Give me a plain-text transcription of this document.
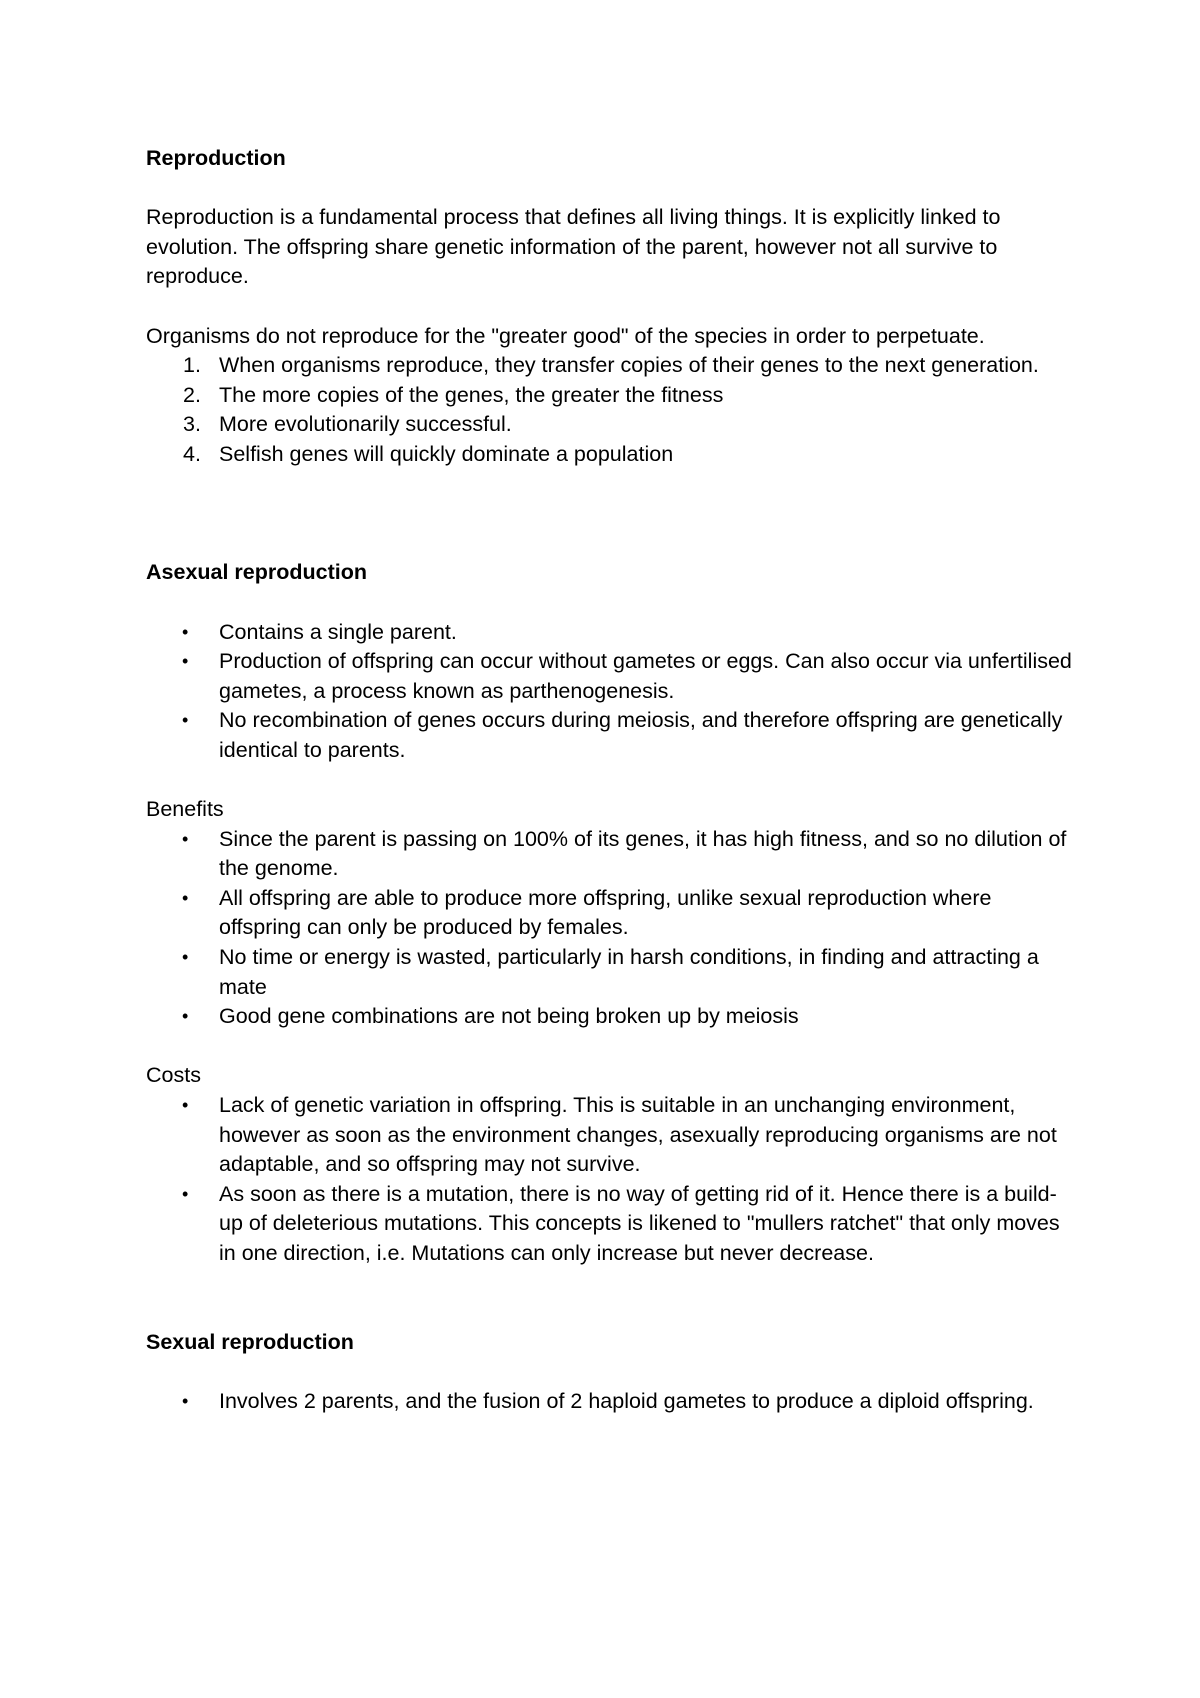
Reproduction

Reproduction is a fundamental process that defines all living things. It is explicitly linked to evolution. The offspring share genetic information of the parent, however not all survive to reproduce.

Organisms do not reproduce for the "greater good" of the species in order to perpetuate.

1. When organisms reproduce, they transfer copies of their genes to the next generation.
2. The more copies of the genes, the greater the fitness
3. More evolutionarily successful.
4. Selfish genes will quickly dominate a population

Asexual reproduction

• Contains a single parent.
• Production of offspring can occur without gametes or eggs. Can also occur via unfertilised gametes, a process known as parthenogenesis.
• No recombination of genes occurs during meiosis, and therefore offspring are genetically identical to parents.

Benefits

• Since the parent is passing on 100% of its genes, it has high fitness, and so no dilution of the genome.
• All offspring are able to produce more offspring, unlike sexual reproduction where offspring can only be produced by females.
• No time or energy is wasted, particularly in harsh conditions, in finding and attracting a mate
• Good gene combinations are not being broken up by meiosis

Costs

• Lack of genetic variation in offspring. This is suitable in an unchanging environment, however as soon as the environment changes, asexually reproducing organisms are not adaptable, and so offspring may not survive.
• As soon as there is a mutation, there is no way of getting rid of it. Hence there is a build-up of deleterious mutations. This concepts is likened to "mullers ratchet" that only moves in one direction, i.e. Mutations can only increase but never decrease.

Sexual reproduction

• Involves 2 parents, and the fusion of 2 haploid gametes to produce a diploid offspring.
